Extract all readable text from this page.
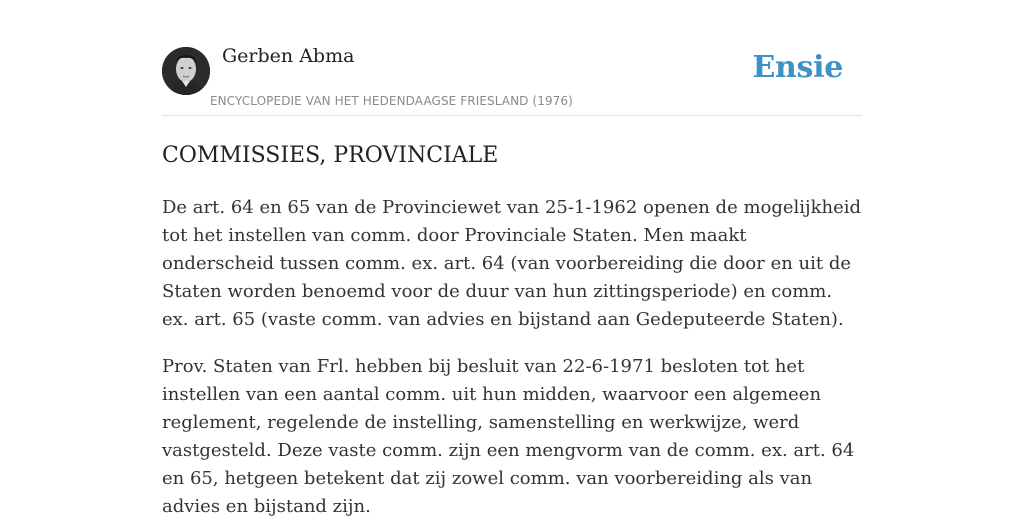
Gerben Abma
ENCYCLOPEDIE VAN HET HEDENDAAGSE FRIESLAND (1976)
Ensie
COMMISSIES, PROVINCIALE

De art. 64 en 65 van de Provinciewet van 25-1-1962 openen de mogelijkheid tot het instellen van comm. door Provinciale Staten. Men maakt onderscheid tussen comm. ex. art. 64 (van voorbereiding die door en uit de Staten worden benoemd voor de duur van hun zittingsperiode) en comm. ex. art. 65 (vaste comm. van advies en bijstand aan Gedeputeerde Staten).

Prov. Staten van Frl. hebben bij besluit van 22-6-1971 besloten tot het instellen van een aantal comm. uit hun midden, waarvoor een algemeen reglement, regelende de instelling, samenstelling en werkwijze, werd vastgesteld. Deze vaste comm. zijn een mengvorm van de comm. ex. art. 64 en 65, hetgeen betekent dat zij zowel comm. van voorbereiding als van advies en bijstand zijn.
